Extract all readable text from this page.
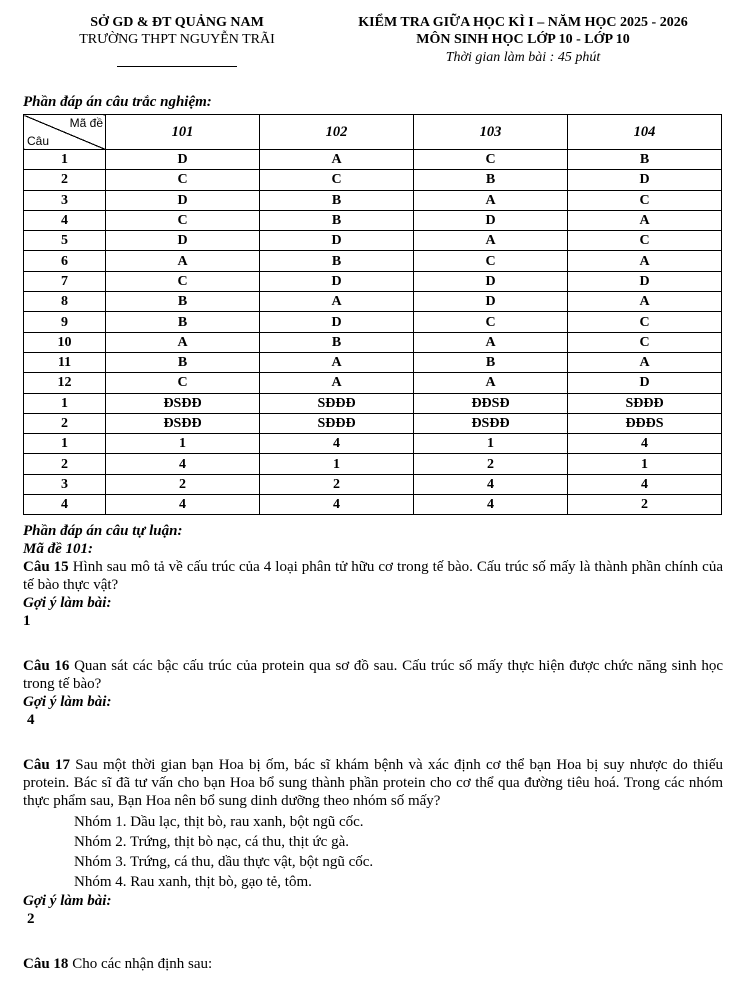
SỞ GD & ĐT QUẢNG NAM
TRƯỜNG THPT NGUYỄN TRÃI
KIỂM TRA GIỮA HỌC KÌ I – NĂM HỌC 2025 - 2026
MÔN SINH HỌC LỚP 10 - LỚP 10
Thời gian làm bài : 45 phút
Phần đáp án câu trắc nghiệm:
Mã đề
Câu	101	102	103	104
1	D	A	C	B
2	C	C	B	D
3	D	B	A	C
4	C	B	D	A
5	D	D	A	C
6	A	B	C	A
7	C	D	D	D
8	B	A	D	A
9	B	D	C	C
10	A	B	A	C
11	B	A	B	A
12	C	A	A	D
1	ĐSĐĐ	SĐĐĐ	ĐĐSĐ	SĐĐĐ
2	ĐSĐĐ	SĐĐĐ	ĐSĐĐ	ĐĐĐS
1	1	4	1	4
2	4	1	2	1
3	2	2	4	4
4	4	4	4	2
Phần đáp án câu tự luận:
Mã đề 101:

Câu 15 Hình sau mô tả về cấu trúc của 4 loại phân tử hữu cơ trong tế bào. Cấu trúc số mấy là thành phần chính của tế bào thực vật?

Gợi ý làm bài:

1

Câu 16 Quan sát các bậc cấu trúc của protein qua sơ đồ sau. Cấu trúc số mấy thực hiện được chức năng sinh học trong tế bào?

Gợi ý làm bài:

4

Câu 17 Sau một thời gian bạn Hoa bị ốm, bác sĩ khám bệnh và xác định cơ thể bạn Hoa bị suy nhược do thiếu protein. Bác sĩ đã tư vấn cho bạn Hoa bổ sung thành phần protein cho cơ thể qua đường tiêu hoá. Trong các nhóm thực phẩm sau, Bạn Hoa nên bổ sung dinh dưỡng theo nhóm số mấy?

Nhóm 1. Dầu lạc, thịt bò, rau xanh, bột ngũ cốc.
Nhóm 2. Trứng, thịt bò nạc, cá thu, thịt ức gà.
Nhóm 3. Trứng, cá thu, dầu thực vật, bột ngũ cốc.
Nhóm 4. Rau xanh, thịt bò, gạo tẻ, tôm.

Gợi ý làm bài:

2

Câu 18 Cho các nhận định sau:
